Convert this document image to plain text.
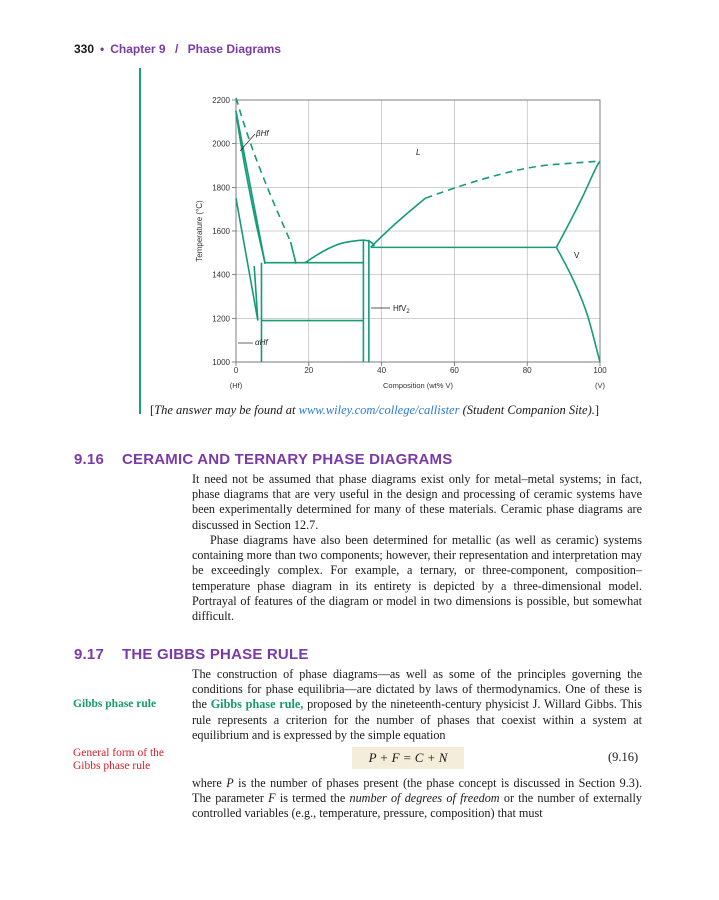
330 • Chapter 9 / Phase Diagrams
1000
1200
1400
1600
1800
2000
2200
0	20	40	60	80	100
Temperature (°C)
Composition (wt% V)
(Hf)	(V)
βHf
L
V
HfV$_2$
αHf
[The answer may be found at www.wiley.com/college/callister (Student Companion Site).]
9.16 CERAMIC AND TERNARY PHASE DIAGRAMS

It need not be assumed that phase diagrams exist only for metal–metal systems; in fact, phase diagrams that are very useful in the design and processing of ceramic systems have been experimentally determined for many of these materials. Ceramic phase diagrams are discussed in Section 12.7.

Phase diagrams have also been determined for metallic (as well as ceramic) systems containing more than two components; however, their representation and interpretation may be exceedingly complex. For example, a ternary, or three-component, composition–temperature phase diagram in its entirety is depicted by a three-dimensional model. Portrayal of features of the diagram or model in two dimensions is possible, but somewhat difficult.

9.17 THE GIBBS PHASE RULE

The construction of phase diagrams—as well as some of the principles governing the conditions for phase equilibria—are dictated by laws of thermodynamics. One of these is the Gibbs phase rule, proposed by the nineteenth-century physicist J. Willard Gibbs. This rule represents a criterion for the number of phases that coexist within a system at equilibrium and is expressed by the simple equation

Gibbs phase rule
General form of the
Gibbs phase rule
P + F = C + N	(9.16)

where P is the number of phases present (the phase concept is discussed in Section 9.3). The parameter F is termed the number of degrees of freedom or the number of externally controlled variables (e.g., temperature, pressure, composition) that must
